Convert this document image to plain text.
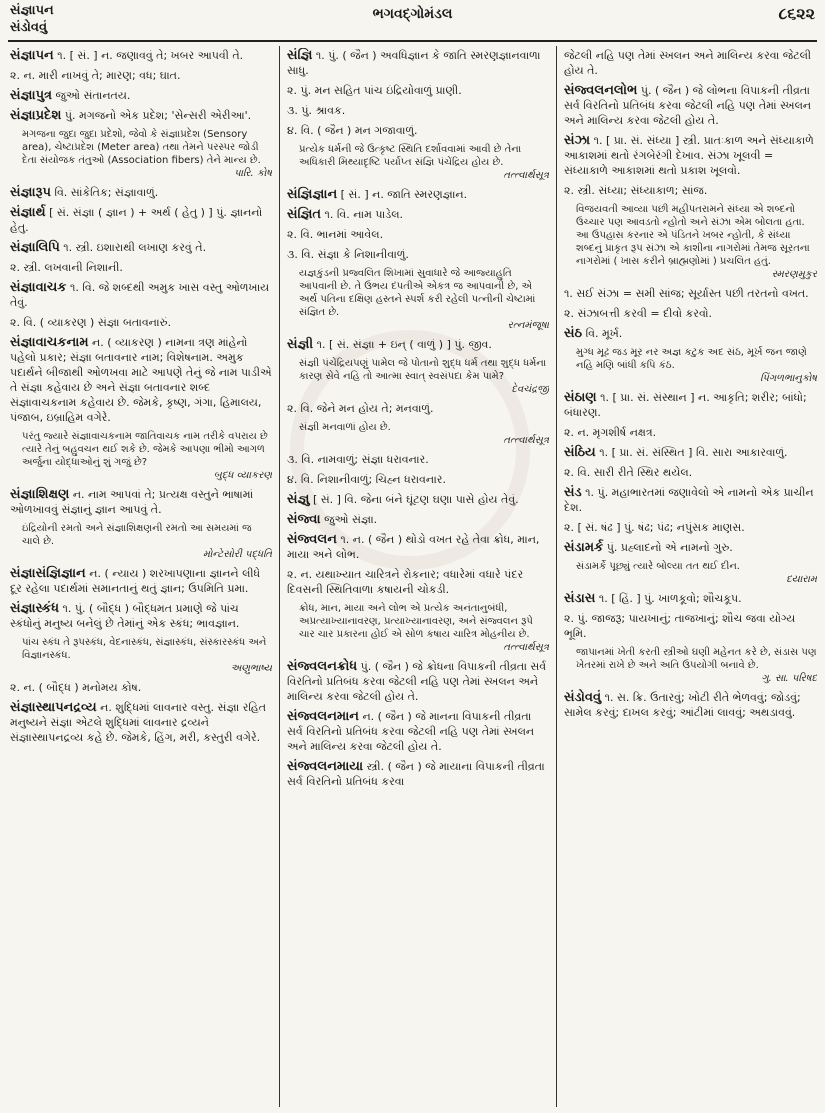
સંજ્ઞાપન
સંડોવવું
ભગવદ્ગોમંડલ	૮૬૨૨
સંજ્ઞાપન ૧. [ સં. ] ન. જણાવવું તે; ખબર આપવી તે.
૨. ન. મારી નાખવું તે; મારણ; વધ; ઘાત.
સંજ્ઞાપુત્ર જુઓ સંતાનતય.
સંજ્ઞાપ્રદેશ પું. મગજનો એક પ્રદેશ; 'સેન્સરી એરીઆ'.
મગજના જુદા જુદા પ્રદેશો, જેવો કે સંજ્ઞાપ્રદેશ (Sensory area), ચેષ્ટાપ્રદેશ (Meter area) તથા તેમને પરસ્પર જોડી દેતા સંયોજક તંતુઓ (Association fibers) તેને માન્ય છે.
પારિ. કોષ
સંજ્ઞારૂપ વિ. સાંકેતિક; સંજ્ઞાવાળું.
સંજ્ઞાર્થ [ સં. સંજ્ઞા ( જ્ઞાન ) + અર્થ ( હેતુ ) ] પું. જ્ઞાનનો હેતુ.
સંજ્ઞાલિપિ ૧. સ્ત્રી. ઇશારાથી લખાણ કરવું તે.
૨. સ્ત્રી. લખવાની નિશાની.
સંજ્ઞાવાચક ૧. વિ. જે શબ્દથી અમુક ખાસ વસ્તુ ઓળખાય તેવું.
૨. વિ. ( વ્યાકરણ ) સંજ્ઞા બતાવનારું.
સંજ્ઞાવાચકનામ ન. ( વ્યાકરણ ) નામના ત્રણ માંહેનો પહેલો પ્રકાર; સંજ્ઞા બતાવનાર નામ; વિશેષનામ. અમુક પદાર્થને બીજાથી ઓળખવા માટે આપણે તેનું જે નામ પાડીએ તે સંજ્ઞા કહેવાય છે અને સંજ્ઞા બતાવનાર શબ્દ સંજ્ઞાવાચકનામ કહેવાય છે. જેમકે, કૃષ્ણ, ગંગા, હિમાલય, પંજાબ, ઇબ્રાહિમ વગેરે.
પરંતુ જ્યારે સંજ્ઞાવાચકનામ જાતિવાચક નામ તરીકે વપરાય છે ત્યારે તેનું બહુવચન થઈ શકે છે. જેમકે આપણા ભીમો આગળ અર્જુના યોદ્ધાઓનું શું ગજું છે?
બુદ્ધ વ્યાકરણ
સંજ્ઞાશિક્ષણ ન. નામ આપવાં તે; પ્રત્યક્ષ વસ્તુને ભાષામાં ઓળખાવવું સંજ્ઞાનું જ્ઞાન આપવું તે.
ઇંદ્રિયોની રમતો અને સંજ્ઞાશિક્ષણની રમતો આ સમયમાં જ ચાલે છે.
મોન્ટેસોરી પદ્ધતિ
સંજ્ઞાસંજ્ઞિજ્ઞાન ન. ( ન્યાય ) શરખાપણાના જ્ઞાનને લીધે દૂર રહેલા પદાર્થમાં સમાનતાનું થતું જ્ઞાન; ઉપમિતિ પ્રમા.
સંજ્ઞાસ્કંધ ૧. પું. ( બૌદ્ધ ) બૌદ્ધમત પ્રમાણે જે પાંચ સ્કંધોનું મનુષ્ય બનેલું છે તેમાંનું એક સ્કંધ; ભાવજ્ઞાન.
પાંચ સ્કંધ તે રૂપસ્કંધ, વેદનાસ્કંધ, સંજ્ઞાસ્કંધ, સંસ્કારસ્કંધ અને વિજ્ઞાનસ્કંધ.
અણુભાષ્ય
૨. ન. ( બૌદ્ધ ) મનોમય કોષ.
સંજ્ઞાસ્થાપનદ્રવ્ય ન. શુદ્ધિમાં લાવનાર વસ્તુ. સંજ્ઞા રહિત મનુષ્યને સંજ્ઞા એટલે શુદ્ધિમાં લાવનાર દ્રવ્યને સંજ્ઞાસ્થાપનદ્રવ્ય કહે છે. જેમકે, હિંગ, મરી, કસ્તુરી વગેરે.
સંજ્ઞિ ૧. પું. ( જૈન ) અવધિજ્ઞાન કે જાતિ સ્મરણજ્ઞાનવાળા સાધુ.
૨. પું. મન સહિત પાંચ ઇંદ્રિયોવાળું પ્રાણી.
૩. પું. શ્રાવક.
૪. વિ. ( જૈન ) મન ગજાવાળું.
પ્રત્યેક ધર્મની જે ઉત્કૃષ્ટ સ્થિતિ દર્શાવવામાં આવી છે તેના અધિકારી મિથ્યાદૃષ્ટિ પર્યાપ્ત સંજ્ઞિ પંચેંદ્રિય હોય છે.
તત્ત્વાર્થસૂત્ર
સંજ્ઞિજ્ઞાન [ સં. ] ન. જાતિ સ્મરણજ્ઞાન.
સંજ્ઞિત ૧. વિ. નામ પાડેલ.
૨. વિ. ભાનમાં આવેલ.
૩. વિ. સંજ્ઞા કે નિશાનીવાળું.
યજ્ઞકુંડની પ્રજ્વલિત શિખામાં સુવાધારે જે આજ્યાહુતિ આપવાની છે. તે ઉભય દંપતીએ એકત્ર જ આપવાની છે, એ અર્થ પતિના દક્ષિણ હસ્તને સ્પર્શ કરી રહેલી પત્નીની ચેષ્ટામાં સંજ્ઞિત છે.
રત્નમંજૂષા
સંજ્ઞી ૧. [ સં. સંજ્ઞા + ઇન્ ( વાળું ) ] પું. જીવ.
સંજ્ઞી પંચેંદ્રિયપણું પામેલ જે પોતાનો શુદ્ધ ધર્મ તથા શુદ્ધ ધર્મના કારણ સેવે નહિ તો આત્મા સ્વાત્ સ્વસંપદા કેમ પામે?
દેવચંદ્રજી
૨. વિ. જેને મન હોય તે; મનવાળું.
સંજ્ઞી મનવાળાં હોય છે.
તત્ત્વાર્થસૂત્ર
૩. વિ. નામવાળું; સંજ્ઞા ધરાવનાર.
૪. વિ. નિશાનીવાળું; ચિહ્ન ધરાવનાર.
સંજ્ઞુ [ સં. ] વિ. જેના બંને ઘૂંટણ ઘણા પાસે હોય તેવું.
સંજ્વા જુઓ સંજ્ઞા.
સંજ્વલન ૧. ન. ( જૈન ) થોડો વખત રહે તેવા ક્રોધ, માન, માયા અને લોભ.
૨. ન. યથાખ્યાત ચારિત્રને રોકનાર; વધારેમાં વધારે પંદર દિવસની સ્થિતિવાળા કષાયની ચોકડી.
ક્રોધ, માન, માયા અને લોભ એ પ્રત્યેક અનંતાનુબંધી, અપ્રત્યાખ્યાનાવરણ, પ્રત્યાખ્યાનાવરણ, અને સંજ્વલન રૂપે ચાર ચાર પ્રકારના હોઈ એ સોળ કષાય ચારિત્ર મોહનીય છે.
તત્ત્વાર્થસૂત્ર
સંજ્વલનક્રોધ પું. ( જૈન ) જે ક્રોધના વિપાકની તીવ્રતા સર્વ વિરતિનો પ્રતિબંધ કરવા જેટલી નહિ પણ તેમાં સ્ખલન અને માલિન્ય કરવા જેટલી હોય તે.
સંજ્વલનમાન ન. ( જૈન ) જે માનના વિપાકની તીવ્રતા સર્વ વિરતિનો પ્રતિબંધ કરવા જેટલી નહિ પણ તેમાં સ્ખલન અને માલિન્ય કરવા જેટલી હોય તે.
સંજ્વલનમાયા સ્ત્રી. ( જૈન ) જે માયાના વિપાકની તીવ્રતા સર્વ વિરતિનો પ્રતિબંધ કરવા
જેટલી નહિ પણ તેમાં સ્ખલન અને માલિન્ય કરવા જેટલી હોય તે.
સંજ્વલનલોભ પું. ( જૈન ) જે લોભના વિપાકની તીવ્રતા સર્વ વિરતિનો પ્રતિબંધ કરવા જેટલી નહિ પણ તેમાં સ્ખલન અને માલિન્ય કરવા જેટલી હોય તે.
સંઝા ૧. [ પ્રા. સં. સંધ્યા ] સ્ત્રી. પ્રાતઃકાળ અને સંધ્યાકાળે આકાશમાં થતો રંગબેરંગી દેખાવ. સંઝા ખૂલવી = સંધ્યાકાળે આકાશમાં થતો પ્રકાશ ખૂલવો.
૨. સ્ત્રી. સંધ્યા; સંધ્યાકાળ; સાંજ.
વિજયવતી આવ્યા પછી મહીપતરામને સંધ્યા એ શબ્દનો ઉચ્ચાર પણ આવડતો ન્હોતો અને સંઝા એમ બોલતા હતા. આ ઉપહાસ કરનાર એ પંડિતને ખબર ન્હોતી, કે સંધ્યા શબ્દનું પ્રાકૃત રૂપ સંઝા એ કાશીના નાગરોમાં તેમજ સૂરતના નાગરોમાં ( ખાસ કરીને બ્રાહ્મણોમાં ) પ્રચલિત હતું.
સ્મરણમુકુર
૧. સઈ સંઝા = સમી સાંજ; સૂર્યાસ્ત પછી તરતનો વખત.
૨. સંઝાબત્તી કરવી = દીવો કરવો.
સંઠ વિ. મૂર્ખ.
મુગ્ધ મૂઢ જડ મૂર નર અજ્ઞ કટુક અદ સંઠ, મૂર્ખ જન જાણે નહિ મણિ બાંધી કપિ કંઠ.
પિંગળભાનુકોષ
સંઠાણ ૧. [ પ્રા. સં. સંસ્થાન ] ન. આકૃતિ; શરીર; બાંધો; બંધારણ.
૨. ન. મૃગશીર્ષ નક્ષત્ર.
સંઠિય ૧. [ પ્રા. સં. સંસ્થિત ] વિ. સારા આકારવાળું.
૨. વિ. સારી રીતે સ્થિર થયેલ.
સંડ ૧. પું. મહાભારતમાં જણાવેલો એ નામનો એક પ્રાચીન દેશ.
૨. [ સં. ષંઢ ] પું. ષંઢ; પંઢ; નપુંસક માણસ.
સંડામર્ક પું. પ્રહ્લાદનો એ નામનો ગુરુ.
સંડામર્કે પૂછ્યું ત્યારે બોલ્યા તત થઈ દીન.
દયારામ
સંડાસ ૧. [ હિં. ] પું. ખાળકૂવો; શૌચકૂપ.
૨. પું. જાજરૂ; પાયખાનું; તાજખાનું; શૌચ જવા યોગ્ય ભૂમિ.
જાપાનમાં ખેતી કરતી સ્ત્રીઓ ઘણી મહેનત કરે છે, સંડાસ પણ ખેતરમાં રાખે છે અને અતિ ઉપયોગી બનાવે છે.
ગુ. સા. પરિષદ
સંડોવવું ૧. સ. ક્રિ. ઉતારવું; ખોટી રીતે ભેળવવું; જોડવું; સામેલ કરવું; દાખલ કરવું; આંટીમાં લાવવું; અથડાવવું.
